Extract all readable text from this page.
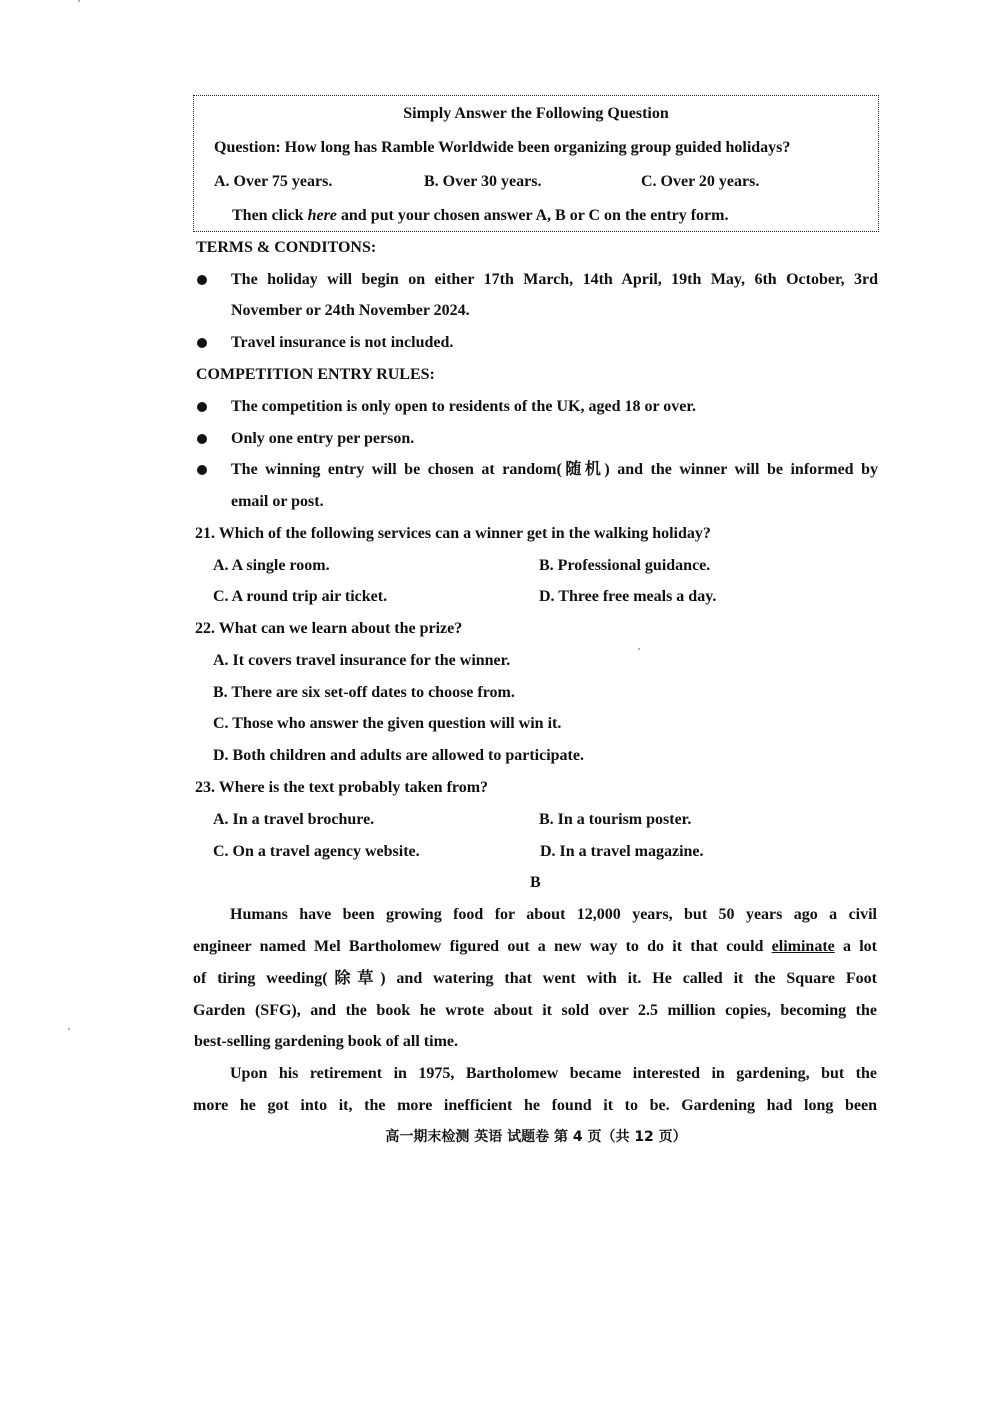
Simply Answer the Following Question
Question: How long has Ramble Worldwide been organizing group guided holidays?
A. Over 75 years.	B. Over 30 years.	C. Over 20 years.
Then click here and put your chosen answer A, B or C on the entry form.
TERMS & CONDITONS:
The holiday will begin on either 17th March, 14th April, 19th May, 6th October, 3rd
November or 24th November 2024.
Travel insurance is not included.
COMPETITION ENTRY RULES:
The competition is only open to residents of the UK, aged 18 or over.
Only one entry per person.
The winning entry will be chosen at random(随机) and the winner will be informed by
email or post.
21. Which of the following services can a winner get in the walking holiday?
A. A single room.	B. Professional guidance.
C. A round trip air ticket.	D. Three free meals a day.
22. What can we learn about the prize?
A. It covers travel insurance for the winner.
B. There are six set-off dates to choose from.
C. Those who answer the given question will win it.
D. Both children and adults are allowed to participate.
23. Where is the text probably taken from?
A. In a travel brochure.	B. In a tourism poster.
C. On a travel agency website.	D. In a travel magazine.
B
Humans have been growing food for about 12,000 years, but 50 years ago a civil
engineer named Mel Bartholomew figured out a new way to do it that could eliminate a lot
of tiring weeding(除草) and watering that went with it. He called it the Square Foot
Garden (SFG), and the book he wrote about it sold over 2.5 million copies, becoming the
best-selling gardening book of all time.
Upon his retirement in 1975, Bartholomew became interested in gardening, but the
more he got into it, the more inefficient he found it to be. Gardening had long been
高一期末检测 英语 试题卷 第 4 页（共 12 页）
